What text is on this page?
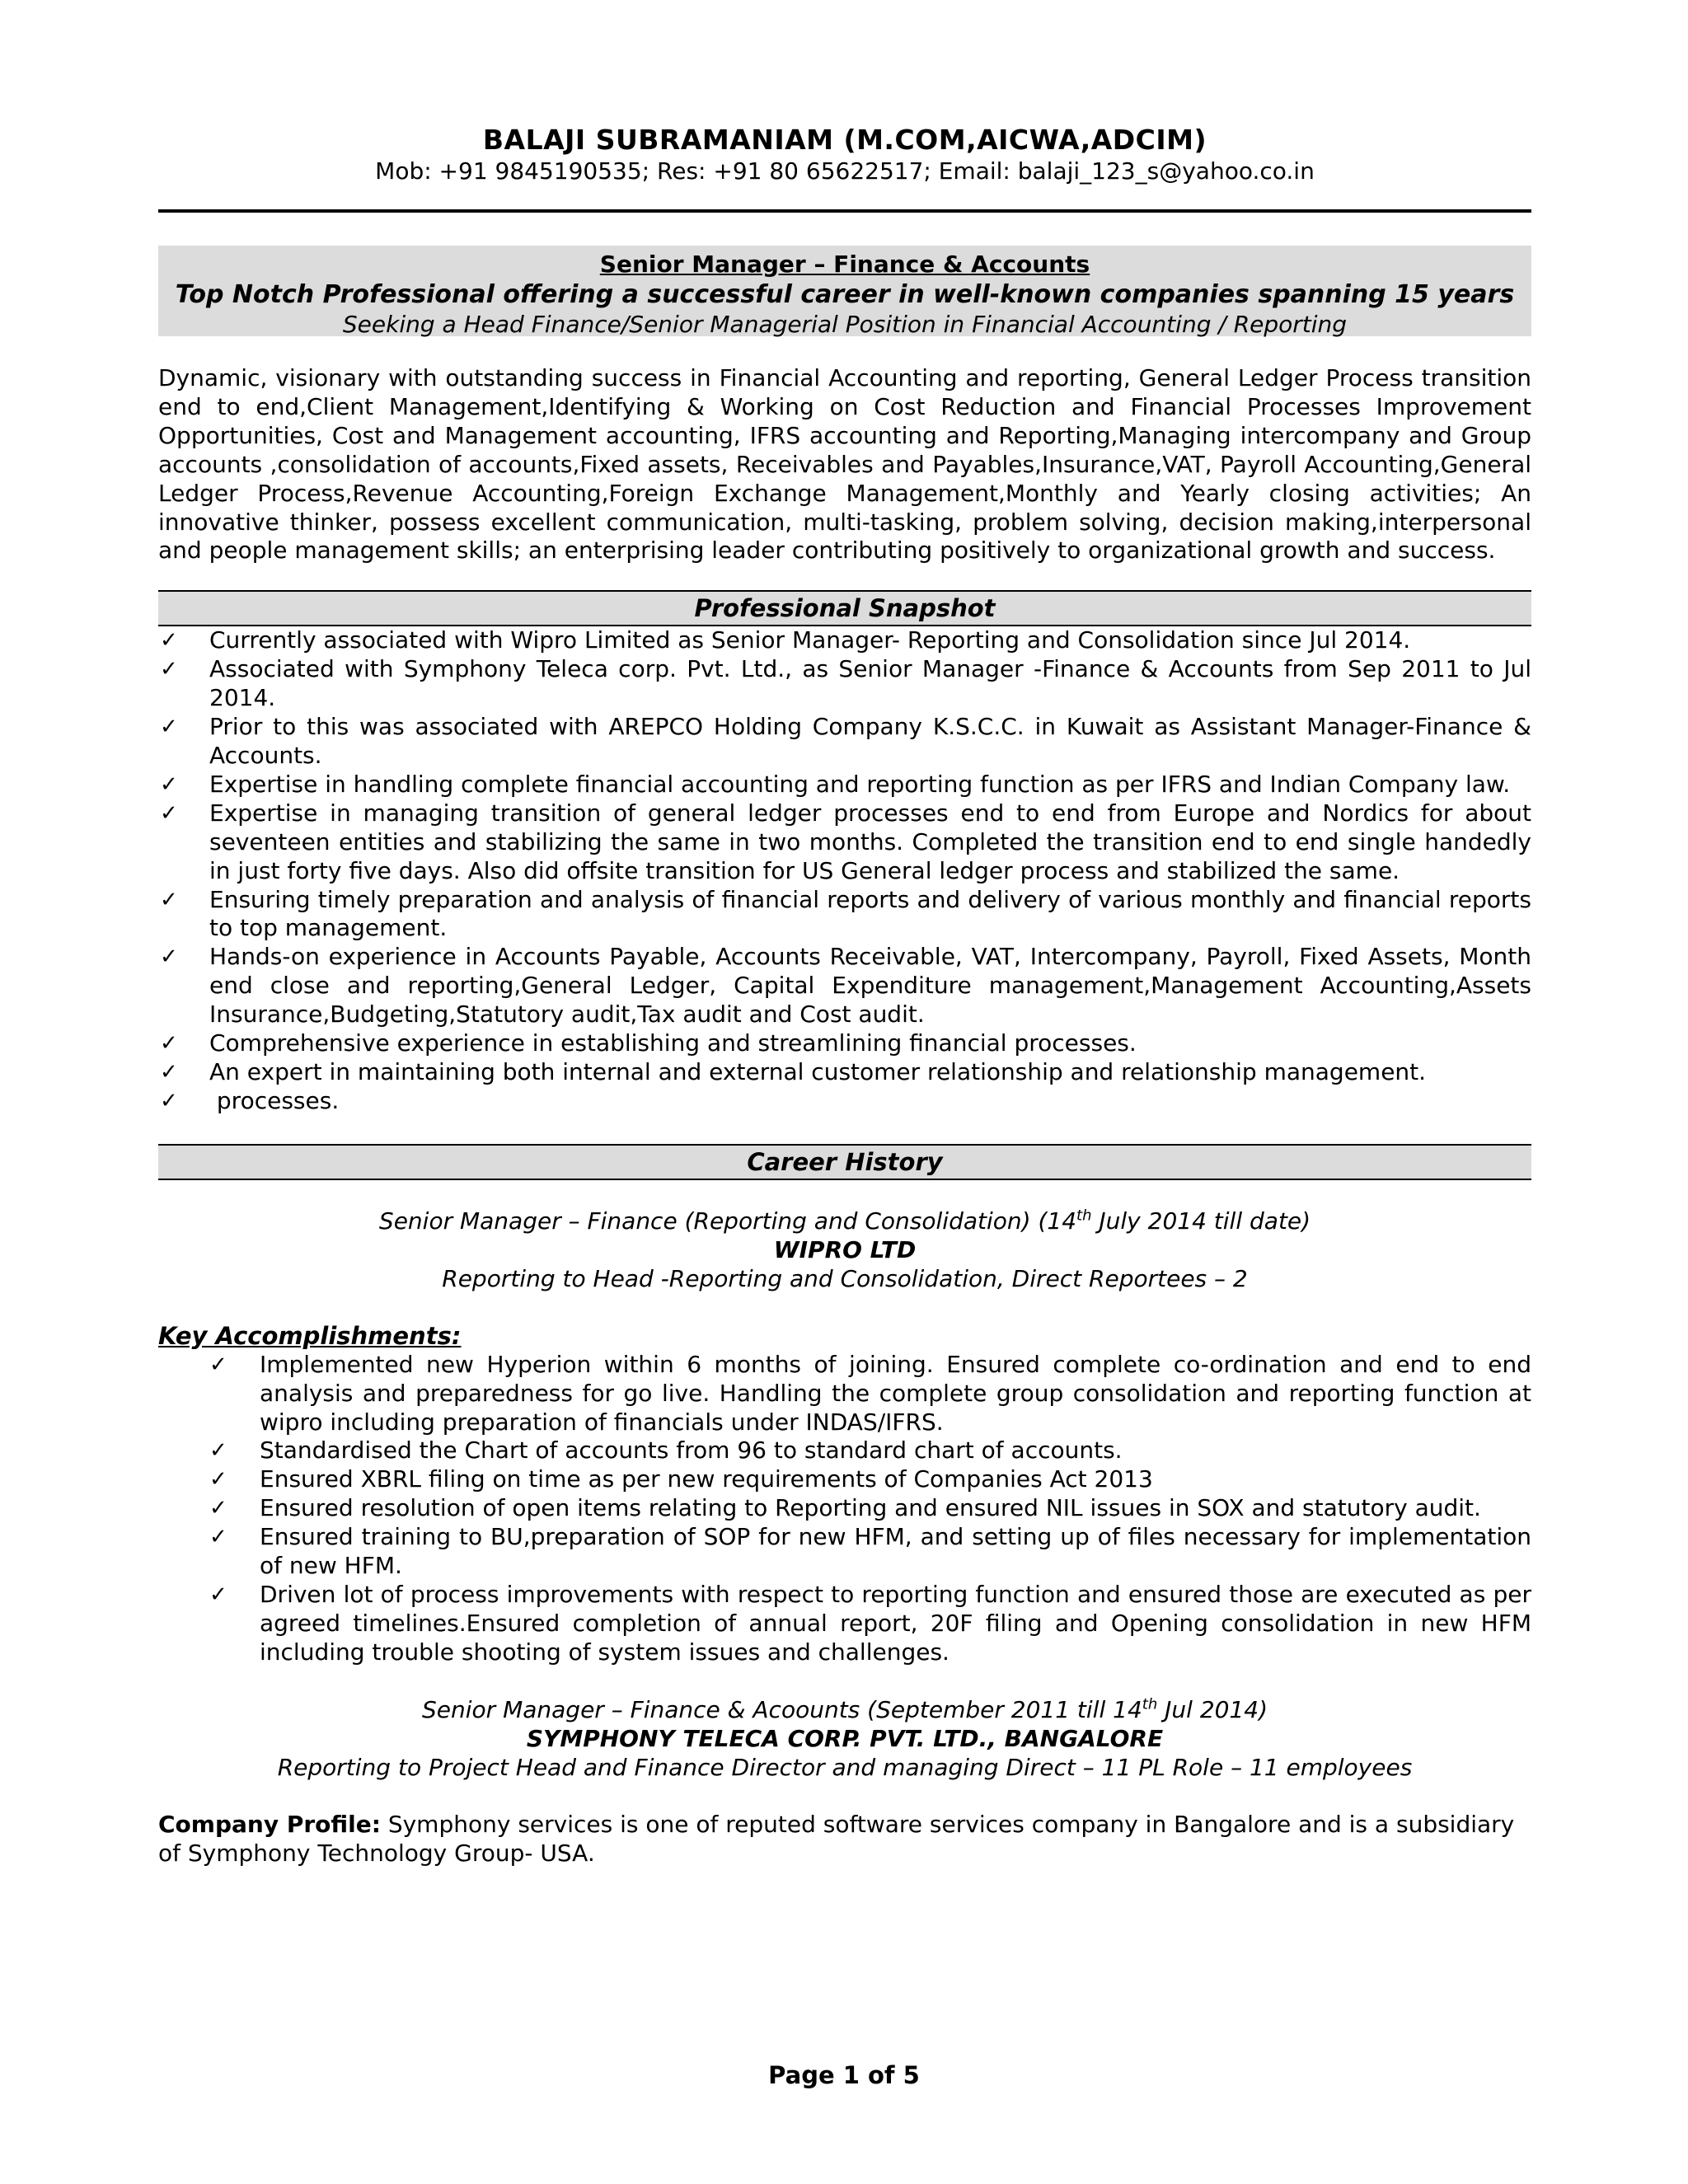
BALAJI SUBRAMANIAM (M.COM,AICWA,ADCIM)
Mob: +91 9845190535; Res: +91 80 65622517; Email: balaji_123_s@yahoo.co.in
Senior Manager – Finance & Accounts
Top Notch Professional offering a successful career in well-known companies spanning 15 years
Seeking a Head Finance/Senior Managerial Position in Financial Accounting / Reporting
Dynamic, visionary with outstanding success in Financial Accounting and reporting, General Ledger Process transition end to end,Client Management,Identifying & Working on Cost Reduction and Financial Processes Improvement Opportunities, Cost and Management accounting, IFRS accounting and Reporting,Managing intercompany and Group accounts ,consolidation of accounts,Fixed assets, Receivables and Payables,Insurance,VAT, Payroll Accounting,General Ledger Process,Revenue Accounting,Foreign Exchange Management,Monthly and Yearly closing activities; An innovative thinker, possess excellent communication, multi-tasking, problem solving, decision making,interpersonal and people management skills; an enterprising leader contributing positively to organizational growth and success.
Professional Snapshot
✓ Currently associated with Wipro Limited as Senior Manager- Reporting and Consolidation since Jul 2014.
✓ Associated with Symphony Teleca corp. Pvt. Ltd., as Senior Manager -Finance & Accounts from Sep 2011 to Jul 2014.
✓ Prior to this was associated with AREPCO Holding Company K.S.C.C. in Kuwait as Assistant Manager-Finance & Accounts.
✓ Expertise in handling complete financial accounting and reporting function as per IFRS and Indian Company law.
✓ Expertise in managing transition of general ledger processes end to end from Europe and Nordics for about seventeen entities and stabilizing the same in two months. Completed the transition end to end single handedly in just forty five days. Also did offsite transition for US General ledger process and stabilized the same.
✓ Ensuring timely preparation and analysis of financial reports and delivery of various monthly and financial reports to top management.
✓ Hands-on experience in Accounts Payable, Accounts Receivable, VAT, Intercompany, Payroll, Fixed Assets, Month end close and reporting,General Ledger, Capital Expenditure management,Management Accounting,Assets Insurance,Budgeting,Statutory audit,Tax audit and Cost audit.
✓ Comprehensive experience in establishing and streamlining financial processes.
✓ An expert in maintaining both internal and external customer relationship and relationship management.
✓ processes.
Career History
Senior Manager – Finance (Reporting and Consolidation) (14th July 2014 till date)
WIPRO LTD
Reporting to Head -Reporting and Consolidation, Direct Reportees – 2
Key Accomplishments:
✓ Implemented new Hyperion within 6 months of joining. Ensured complete co-ordination and end to end analysis and preparedness for go live. Handling the complete group consolidation and reporting function at wipro including preparation of financials under INDAS/IFRS.
✓ Standardised the Chart of accounts from 96 to standard chart of accounts.
✓ Ensured XBRL filing on time as per new requirements of Companies Act 2013
✓ Ensured resolution of open items relating to Reporting and ensured NIL issues in SOX and statutory audit.
✓ Ensured training to BU,preparation of SOP for new HFM, and setting up of files necessary for implementation of new HFM.
✓ Driven lot of process improvements with respect to reporting function and ensured those are executed as per agreed timelines.Ensured completion of annual report, 20F filing and Opening consolidation in new HFM including trouble shooting of system issues and challenges.
Senior Manager – Finance & Acoounts (September 2011 till 14th Jul 2014)
SYMPHONY TELECA CORP. PVT. LTD., BANGALORE
Reporting to Project Head and Finance Director and managing Direct – 11 PL Role – 11 employees
Company Profile: Symphony services is one of reputed software services company in Bangalore and is a subsidiary of Symphony Technology Group- USA.
Page 1 of 5
